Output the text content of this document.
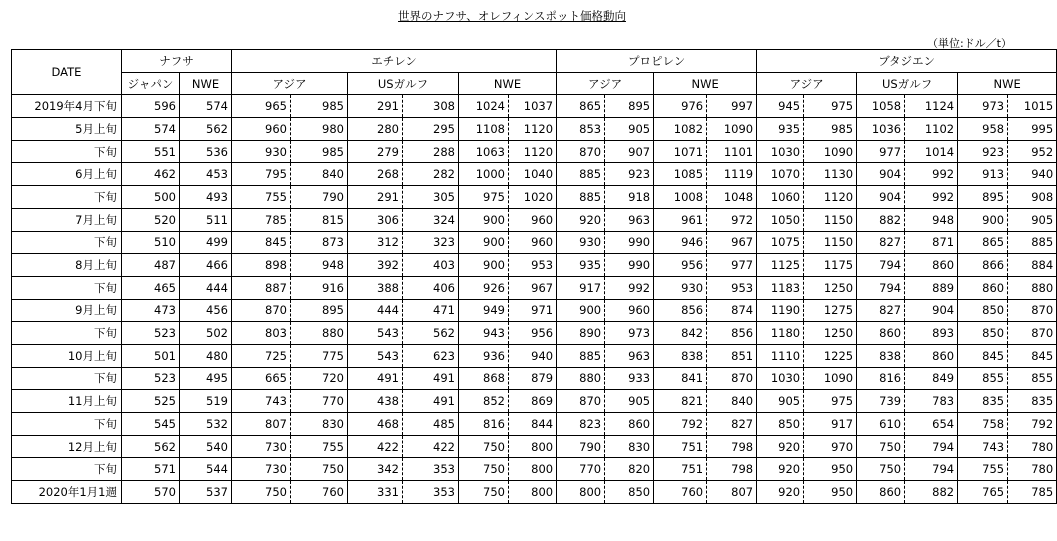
世界のナフサ、オレフィンスポット価格動向
（単位:ドル／t）
DATE	ナフサ		エチレン						プロピレン				ブタジエン					
	ジャパン	NWE	アジア		USガルフ		NWE		アジア		NWE		アジア		USガルフ		NWE	
2019年4月下旬	596	574	965	985	291	308	1024	1037	865	895	976	997	945	975	1058	1124	973	1015
5月上旬	574	562	960	980	280	295	1108	1120	853	905	1082	1090	935	985	1036	1102	958	995
下旬	551	536	930	985	279	288	1063	1120	870	907	1071	1101	1030	1090	977	1014	923	952
6月上旬	462	453	795	840	268	282	1000	1040	885	923	1085	1119	1070	1130	904	992	913	940
下旬	500	493	755	790	291	305	975	1020	885	918	1008	1048	1060	1120	904	992	895	908
7月上旬	520	511	785	815	306	324	900	960	920	963	961	972	1050	1150	882	948	900	905
下旬	510	499	845	873	312	323	900	960	930	990	946	967	1075	1150	827	871	865	885
8月上旬	487	466	898	948	392	403	900	953	935	990	956	977	1125	1175	794	860	866	884
下旬	465	444	887	916	388	406	926	967	917	992	930	953	1183	1250	794	889	860	880
9月上旬	473	456	870	895	444	471	949	971	900	960	856	874	1190	1275	827	904	850	870
下旬	523	502	803	880	543	562	943	956	890	973	842	856	1180	1250	860	893	850	870
10月上旬	501	480	725	775	543	623	936	940	885	963	838	851	1110	1225	838	860	845	845
下旬	523	495	665	720	491	491	868	879	880	933	841	870	1030	1090	816	849	855	855
11月上旬	525	519	743	770	438	491	852	869	870	905	821	840	905	975	739	783	835	835
下旬	545	532	807	830	468	485	816	844	823	860	792	827	850	917	610	654	758	792
12月上旬	562	540	730	755	422	422	750	800	790	830	751	798	920	970	750	794	743	780
下旬	571	544	730	750	342	353	750	800	770	820	751	798	920	950	750	794	755	780
2020年1月1週	570	537	750	760	331	353	750	800	800	850	760	807	920	950	860	882	765	785
